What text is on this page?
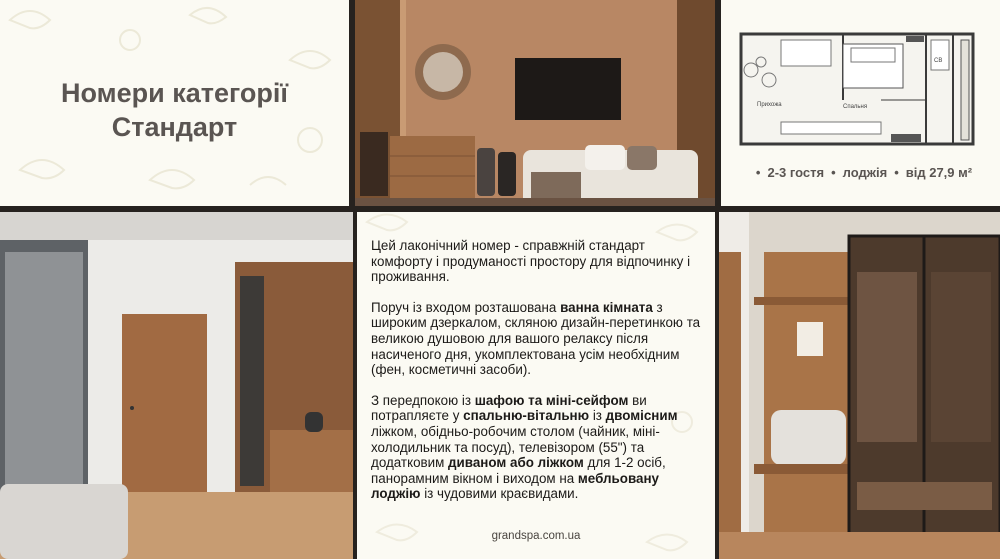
Номери категорії
Стандарт
СВ
Прихожа	Спальня
• 2-3 гостя • лоджія • від 27,9 м²

Цей лаконічний номер - справжній стандарт комфорту і продуманості простору для відпочинку і проживання.

Поруч із входом розташована ванна кімната з широким дзеркалом, скляною дизайн-перетинкою та великою душовою для вашого релаксу після насиченого дня, укомплектована усім необхідним (фен, косметичні засоби).

З передпокою із шафою та міні-сейфом ви потрапляєте у спальню-вітальню із двомісним ліжком, обідньо-робочим столом (чайник, міні-холодильник та посуд), телевізором (55") та додатковим диваном або ліжком для 1-2 осіб, панорамним вікном і виходом на мебльовану лоджію із чудовими краєвидами.

grandspa.com.ua
